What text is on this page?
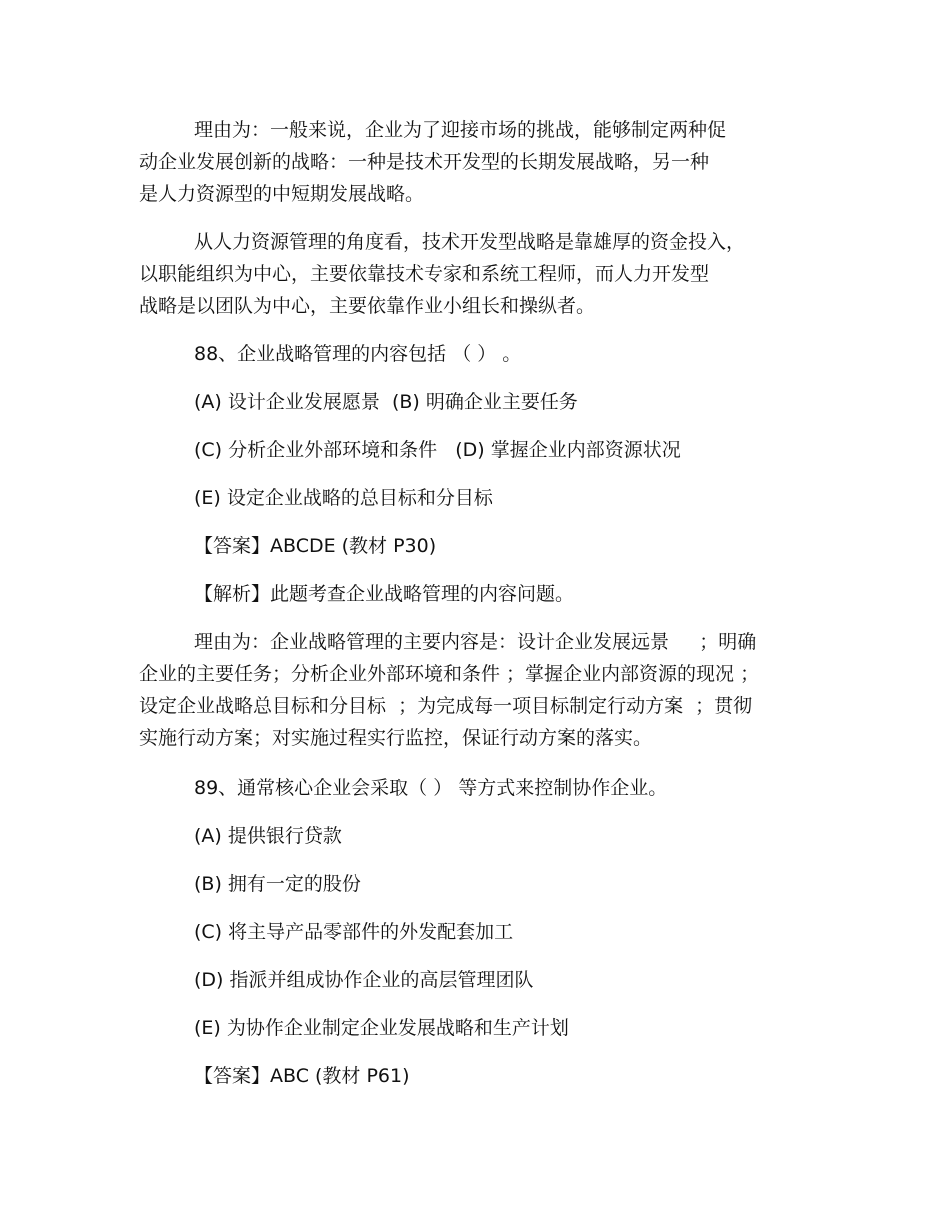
理由为：一般来说，企业为了迎接市场的挑战，能够制定两种促
动企业发展创新的战略：一种是技术开发型的长期发展战略，另一种
是人力资源型的中短期发展战略。
从人力资源管理的角度看，技术开发型战略是靠雄厚的资金投入，
以职能组织为中心，主要依靠技术专家和系统工程师，而人力开发型
战略是以团队为中心，主要依靠作业小组长和操纵者。
88、企业战略管理的内容包括 （ ） 。
(A) 设计企业发展愿景  (B) 明确企业主要任务
(C) 分析企业外部环境和条件   (D) 掌握企业内部资源状况
(E) 设定企业战略的总目标和分目标
【答案】ABCDE (教材 P30)
【解析】此题考查企业战略管理的内容问题。
理由为：企业战略管理的主要内容是：设计企业发展远景     ；明确
企业的主要任务；分析企业外部环境和条件 ；掌握企业内部资源的现况 ；
设定企业战略总目标和分目标  ；为完成每一项目标制定行动方案  ；贯彻
实施行动方案；对实施过程实行监控，保证行动方案的落实。
89、通常核心企业会采取（ ） 等方式来控制协作企业。
(A) 提供银行贷款
(B) 拥有一定的股份
(C) 将主导产品零部件的外发配套加工
(D) 指派并组成协作企业的高层管理团队
(E) 为协作企业制定企业发展战略和生产计划
【答案】ABC (教材 P61)
